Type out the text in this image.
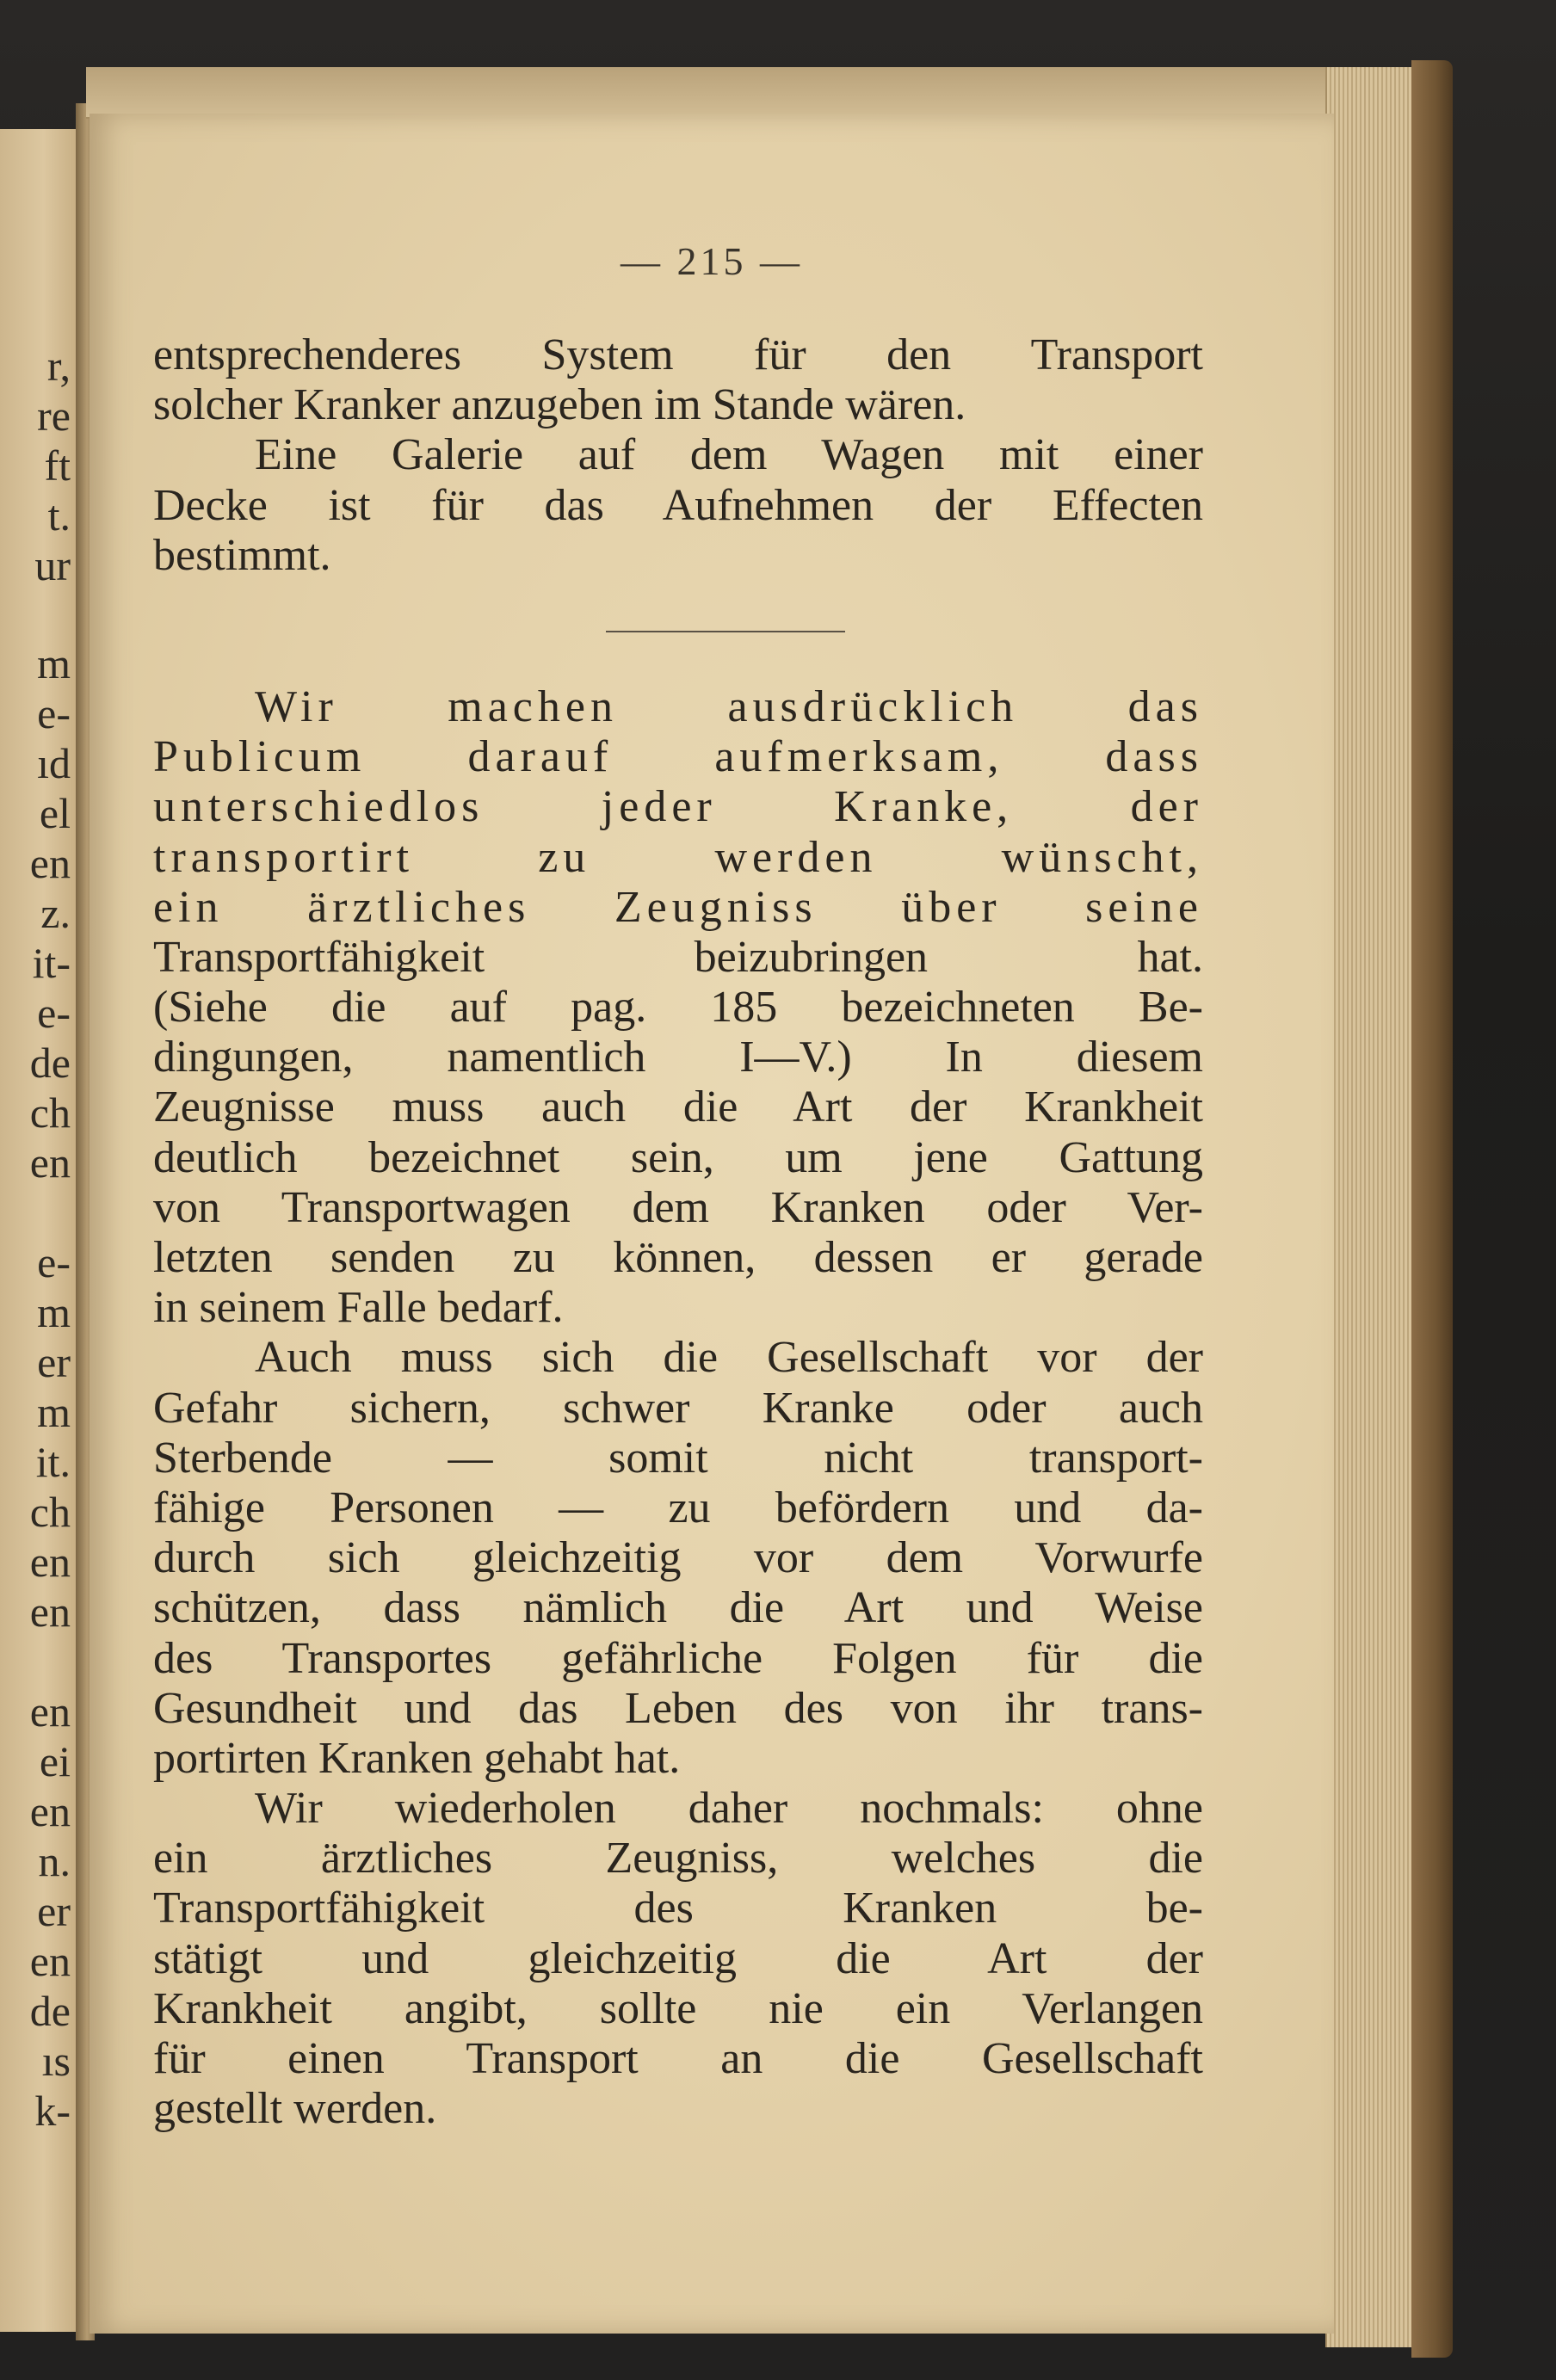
r,
re
ft
t.
ur
m
e-
ıd
el
en
z.
it-
e-
de
ch
en
e-
m
er
m
it.
ch
en
en
en
ei
en
n.
er
en
de
ıs
k-
— 215 —
entsprechenderes System für den Transport
solcher Kranker anzugeben im Stande wären.
Eine Galerie auf dem Wagen mit einer
Decke ist für das Aufnehmen der Effecten
bestimmt.
Wir machen ausdrücklich das
Publicum darauf aufmerksam, dass
unterschiedlos jeder Kranke, der
transportirt zu werden wünscht,
ein ärztliches Zeugniss über seine
Transportfähigkeit beizubringen hat.
(Siehe die auf pag. 185 bezeichneten Be-
dingungen, namentlich I—V.) In diesem
Zeugnisse muss auch die Art der Krankheit
deutlich bezeichnet sein, um jene Gattung
von Transportwagen dem Kranken oder Ver-
letzten senden zu können, dessen er gerade
in seinem Falle bedarf.
Auch muss sich die Gesellschaft vor der
Gefahr sichern, schwer Kranke oder auch
Sterbende — somit nicht transport-
fähige Personen — zu befördern und da-
durch sich gleichzeitig vor dem Vorwurfe
schützen, dass nämlich die Art und Weise
des Transportes gefährliche Folgen für die
Gesundheit und das Leben des von ihr trans-
portirten Kranken gehabt hat.
Wir wiederholen daher nochmals: ohne
ein ärztliches Zeugniss, welches die
Transportfähigkeit des Kranken be-
stätigt und gleichzeitig die Art der
Krankheit angibt, sollte nie ein Verlangen
für einen Transport an die Gesellschaft
gestellt werden.
